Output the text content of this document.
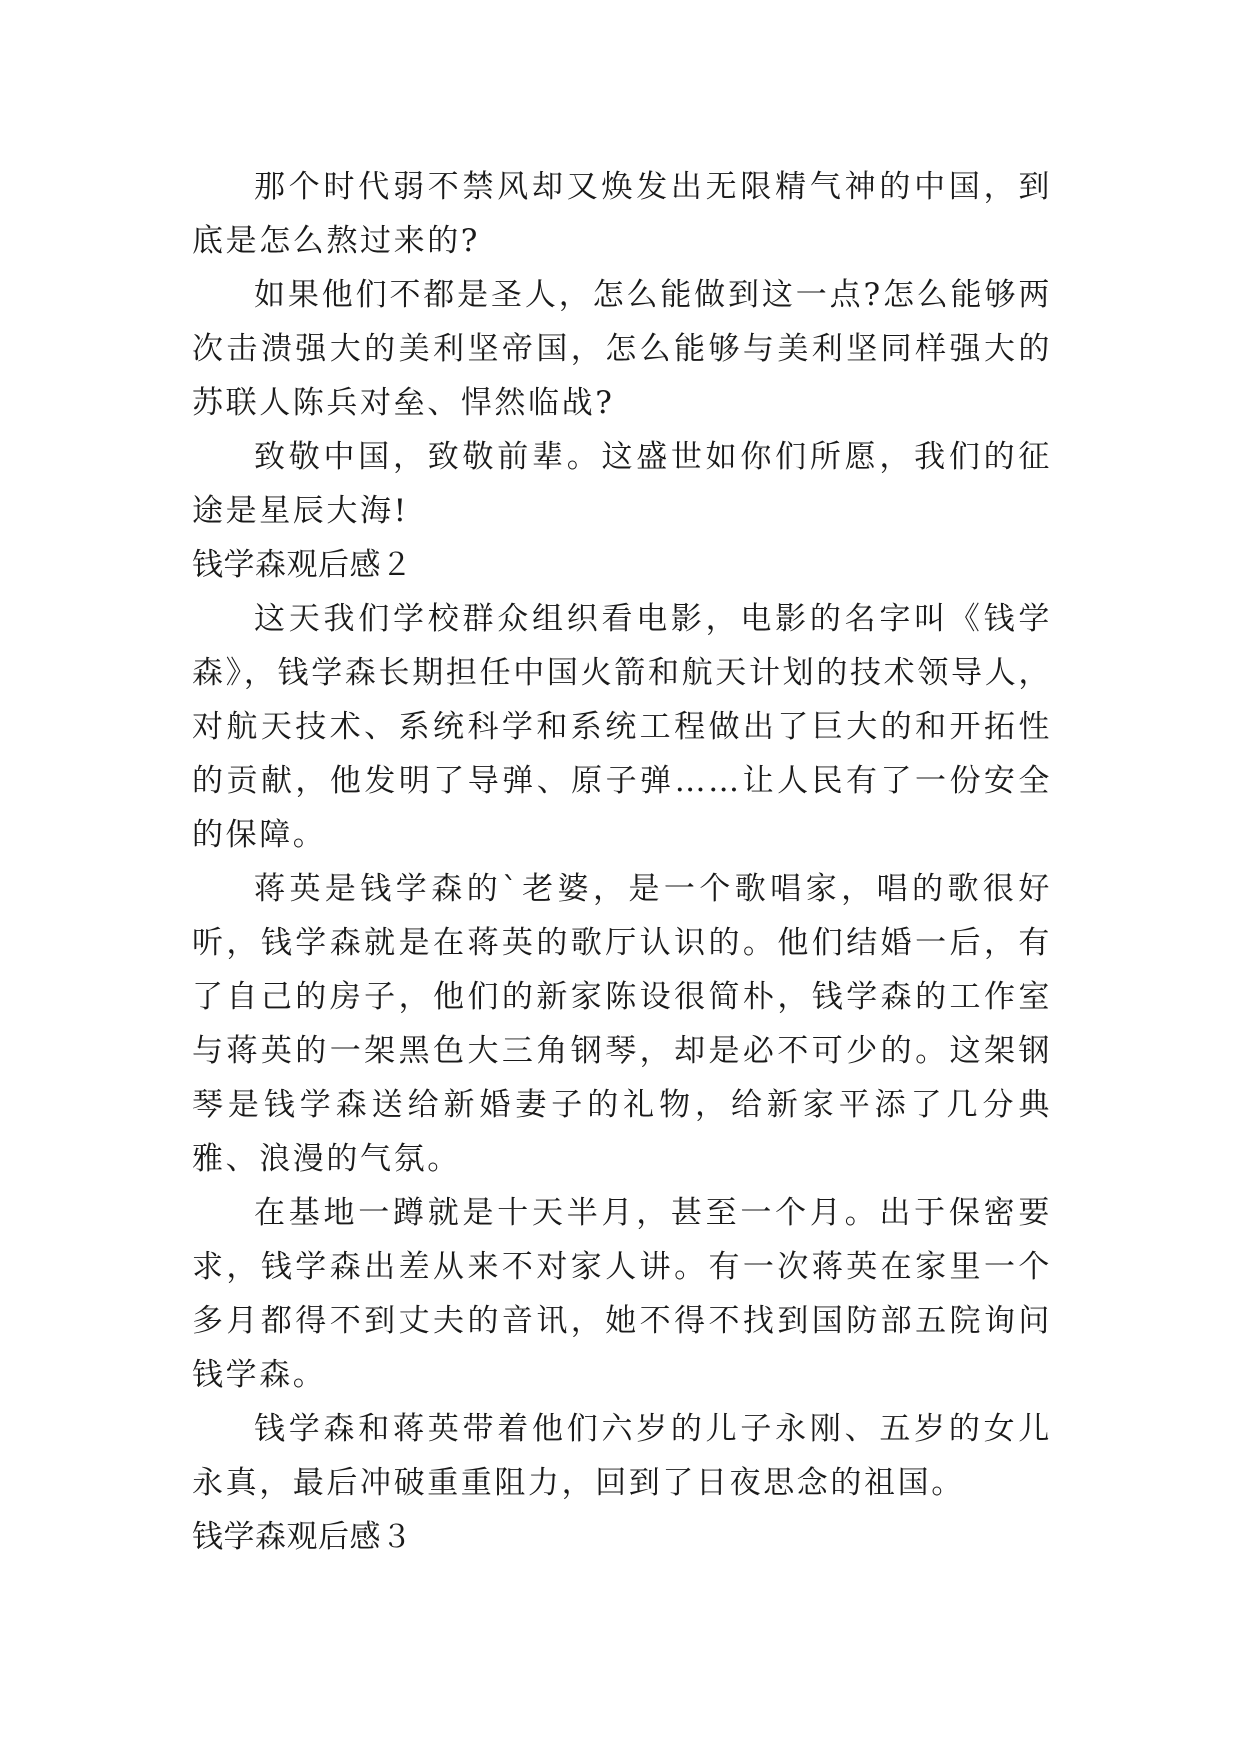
那个时代弱不禁风却又焕发出无限精气神的中国，到底是怎么熬过来的?

如果他们不都是圣人，怎么能做到这一点?怎么能够两次击溃强大的美利坚帝国，怎么能够与美利坚同样强大的苏联人陈兵对垒、悍然临战?

致敬中国，致敬前辈。这盛世如你们所愿，我们的征途是星辰大海!

钱学森观后感２

这天我们学校群众组织看电影，电影的名字叫《钱学森》，钱学森长期担任中国火箭和航天计划的技术领导人，对航天技术、系统科学和系统工程做出了巨大的和开拓性的贡献，他发明了导弹、原子弹……让人民有了一份安全的保障。

蒋英是钱学森的`老婆，是一个歌唱家，唱的歌很好听，钱学森就是在蒋英的歌厅认识的。他们结婚一后，有了自己的房子，他们的新家陈设很简朴，钱学森的工作室与蒋英的一架黑色大三角钢琴，却是必不可少的。这架钢琴是钱学森送给新婚妻子的礼物，给新家平添了几分典雅、浪漫的气氛。

在基地一蹲就是十天半月，甚至一个月。出于保密要求，钱学森出差从来不对家人讲。有一次蒋英在家里一个多月都得不到丈夫的音讯，她不得不找到国防部五院询问钱学森。

钱学森和蒋英带着他们六岁的儿子永刚、五岁的女儿永真，最后冲破重重阻力，回到了日夜思念的祖国。

钱学森观后感３
